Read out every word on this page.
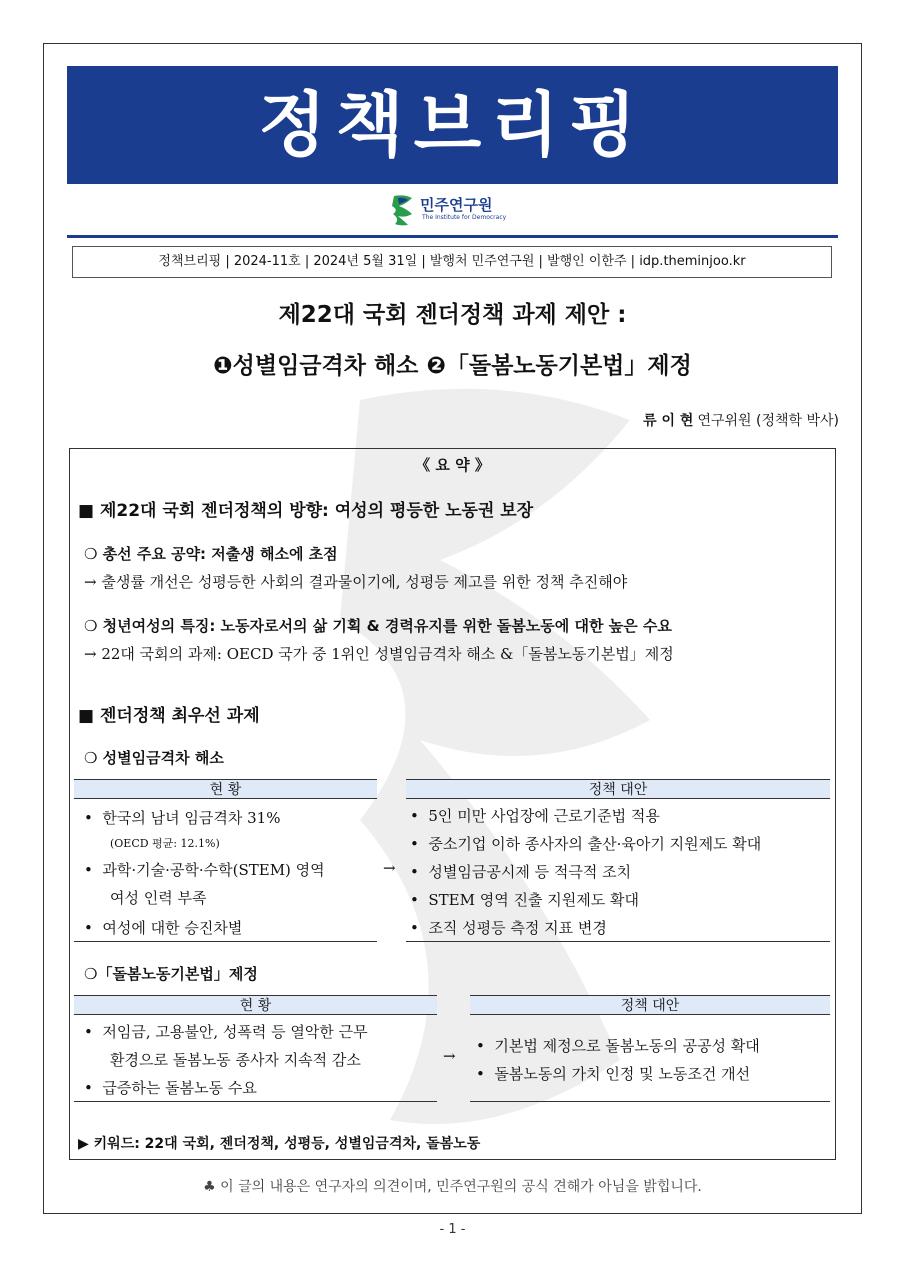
정책브리핑
민주연구원
The Institute for Democracy
정책브리핑 | 2024-11호 | 2024년 5월 31일 | 발행처 민주연구원 | 발행인 이한주 | idp.theminjoo.kr
제22대 국회 젠더정책 과제 제안 :
❶성별임금격차 해소 ❷「돌봄노동기본법」제정
류 이 현 연구위원 (정책학 박사)
《 요 약 》
■ 제22대 국회 젠더정책의 방향: 여성의 평등한 노동권 보장
❍ 총선 주요 공약: 저출생 해소에 초점
→ 출생률 개선은 성평등한 사회의 결과물이기에, 성평등 제고를 위한 정책 추진해야
❍ 청년여성의 특징: 노동자로서의 삶 기획 & 경력유지를 위한 돌봄노동에 대한 높은 수요
→ 22대 국회의 과제: OECD 국가 중 1위인 성별임금격차 해소 &「돌봄노동기본법」제정
■ 젠더정책 최우선 과제
❍ 성별임금격차 해소
현 황	정책 대안
•  한국의 남녀 임금격차 31%
(OECD 평균: 12.1%)
•  과학·기술·공학·수학(STEM) 영역
여성 인력 부족
•  여성에 대한 승진차별
→
•  5인 미만 사업장에 근로기준법 적용
•  중소기업 이하 종사자의 출산·육아기 지원제도 확대
•  성별임금공시제 등 적극적 조치
•  STEM 영역 진출 지원제도 확대
•  조직 성평등 측정 지표 변경
❍「돌봄노동기본법」제정
현 황	정책 대안
•  저임금, 고용불안, 성폭력 등 열악한 근무
환경으로 돌봄노동 종사자 지속적 감소
•  급증하는 돌봄노동 수요
→
•  기본법 제정으로 돌봄노동의 공공성 확대
•  돌봄노동의 가치 인정 및 노동조건 개선
▶ 키워드: 22대 국회, 젠더정책, 성평등, 성별임금격차, 돌봄노동
♣ 이 글의 내용은 연구자의 의견이며, 민주연구원의 공식 견해가 아님을 밝힙니다.
- 1 -
